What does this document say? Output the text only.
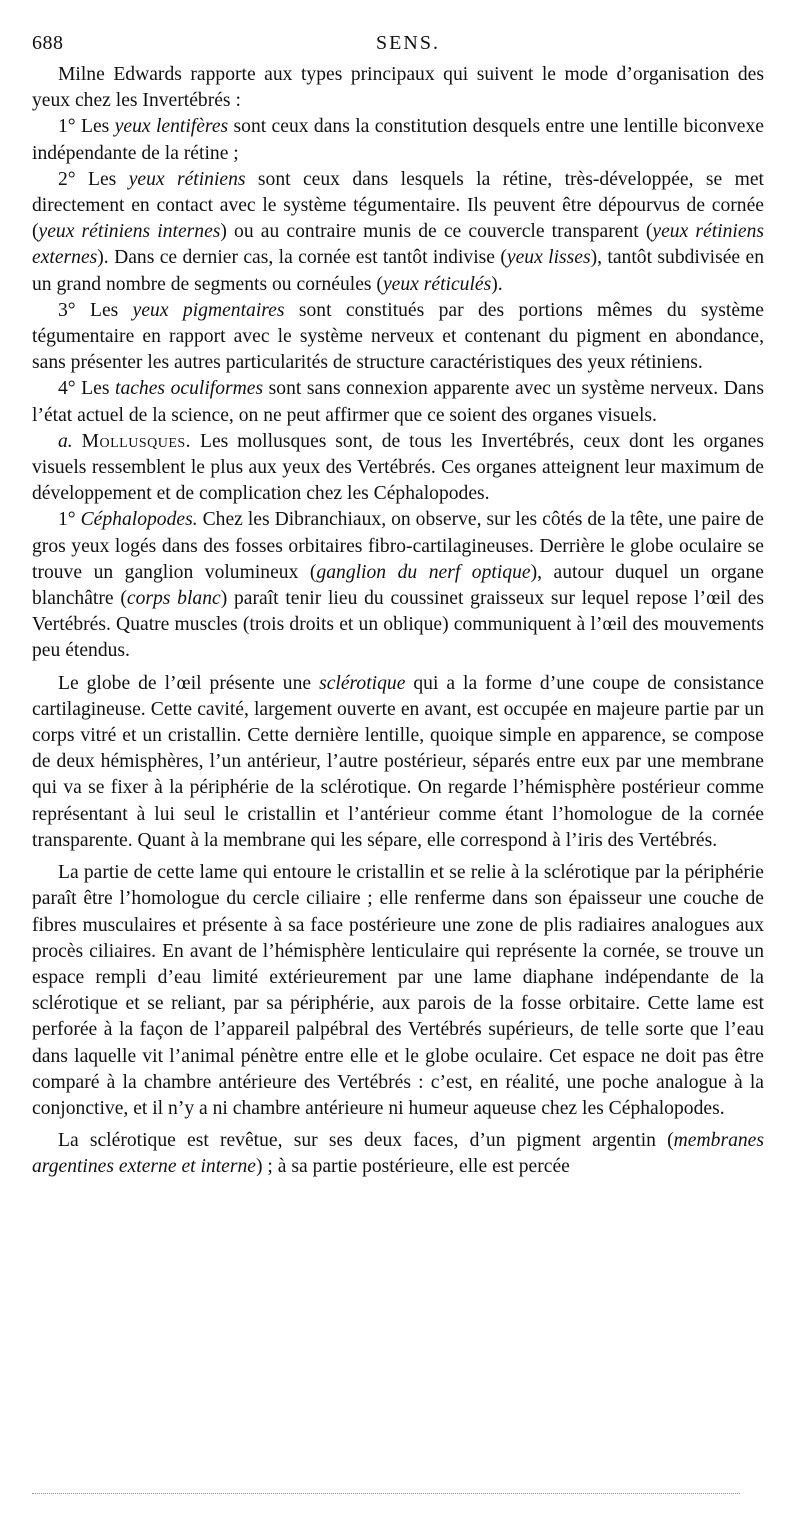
688	SENS.

Milne Edwards rapporte aux types principaux qui suivent le mode d’organisation des yeux chez les Invertébrés :

1° Les yeux lentifères sont ceux dans la constitution desquels entre une lentille biconvexe indépendante de la rétine ;

2° Les yeux rétiniens sont ceux dans lesquels la rétine, très-développée, se met directement en contact avec le système tégumentaire. Ils peuvent être dépourvus de cornée (yeux rétiniens internes) ou au contraire munis de ce couvercle transparent (yeux rétiniens externes). Dans ce dernier cas, la cornée est tantôt indivise (yeux lisses), tantôt subdivisée en un grand nombre de segments ou cornéules (yeux réticulés).

3° Les yeux pigmentaires sont constitués par des portions mêmes du système tégumentaire en rapport avec le système nerveux et contenant du pigment en abondance, sans présenter les autres particularités de structure caractéristiques des yeux rétiniens.

4° Les taches oculiformes sont sans connexion apparente avec un système nerveux. Dans l’état actuel de la science, on ne peut affirmer que ce soient des organes visuels.

a. Mollusques. Les mollusques sont, de tous les Invertébrés, ceux dont les organes visuels ressemblent le plus aux yeux des Vertébrés. Ces organes atteignent leur maximum de développement et de complication chez les Céphalopodes.

1° Céphalopodes. Chez les Dibranchiaux, on observe, sur les côtés de la tête, une paire de gros yeux logés dans des fosses orbitaires fibro-cartilagineuses. Derrière le globe oculaire se trouve un ganglion volumineux (ganglion du nerf optique), autour duquel un organe blanchâtre (corps blanc) paraît tenir lieu du coussinet graisseux sur lequel repose l’œil des Vertébrés. Quatre muscles (trois droits et un oblique) communiquent à l’œil des mouvements peu étendus.

Le globe de l’œil présente une sclérotique qui a la forme d’une coupe de consistance cartilagineuse. Cette cavité, largement ouverte en avant, est occupée en majeure partie par un corps vitré et un cristallin. Cette dernière lentille, quoique simple en apparence, se compose de deux hémisphères, l’un antérieur, l’autre postérieur, séparés entre eux par une membrane qui va se fixer à la périphérie de la sclérotique. On regarde l’hémisphère postérieur comme représentant à lui seul le cristallin et l’antérieur comme étant l’homologue de la cornée transparente. Quant à la membrane qui les sépare, elle correspond à l’iris des Vertébrés.

La partie de cette lame qui entoure le cristallin et se relie à la sclérotique par la périphérie paraît être l’homologue du cercle ciliaire ; elle renferme dans son épaisseur une couche de fibres musculaires et présente à sa face postérieure une zone de plis radiaires analogues aux procès ciliaires. En avant de l’hémisphère lenticulaire qui représente la cornée, se trouve un espace rempli d’eau limité extérieurement par une lame diaphane indépendante de la sclérotique et se reliant, par sa périphérie, aux parois de la fosse orbitaire. Cette lame est perforée à la façon de l’appareil palpébral des Vertébrés supérieurs, de telle sorte que l’eau dans laquelle vit l’animal pénètre entre elle et le globe oculaire. Cet espace ne doit pas être comparé à la chambre antérieure des Vertébrés : c’est, en réalité, une poche analogue à la conjonctive, et il n’y a ni chambre antérieure ni humeur aqueuse chez les Céphalopodes.

La sclérotique est revêtue, sur ses deux faces, d’un pigment argentin (membranes argentines externe et interne) ; à sa partie postérieure, elle est percée
